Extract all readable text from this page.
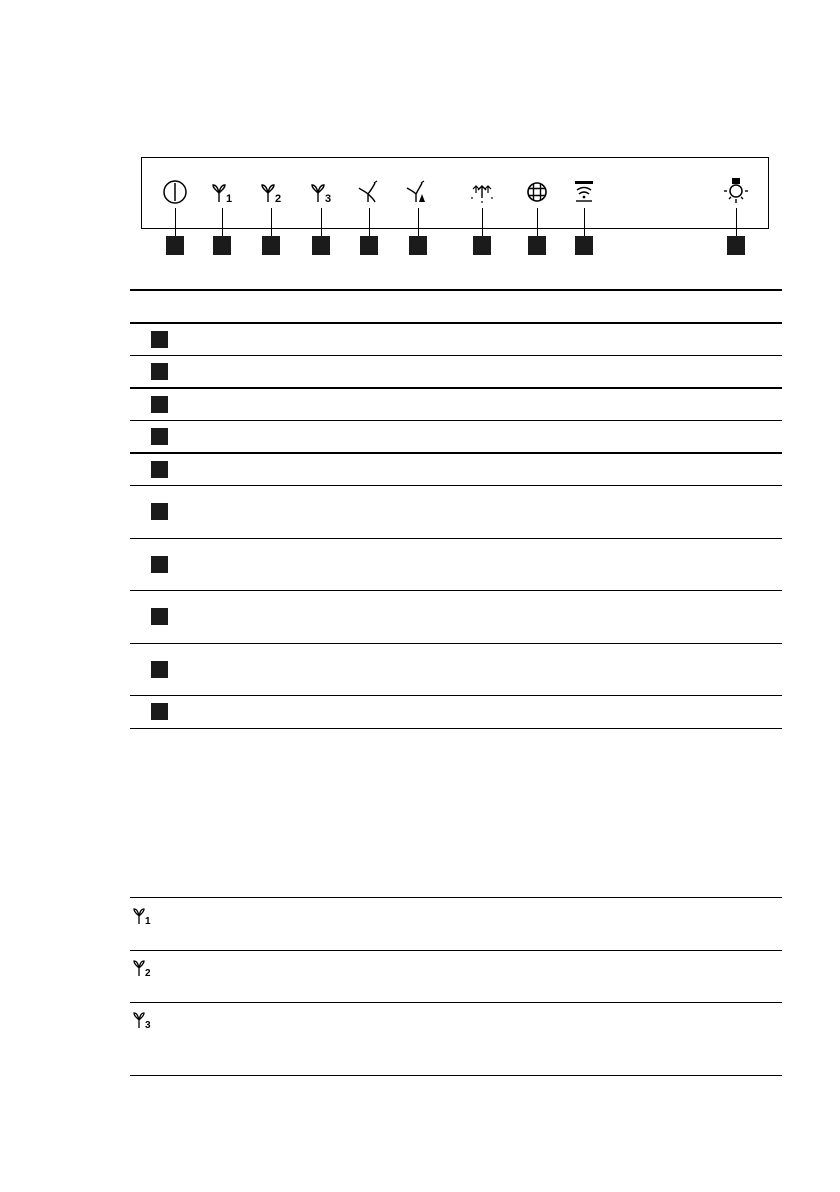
1	2	3
1
2
3
